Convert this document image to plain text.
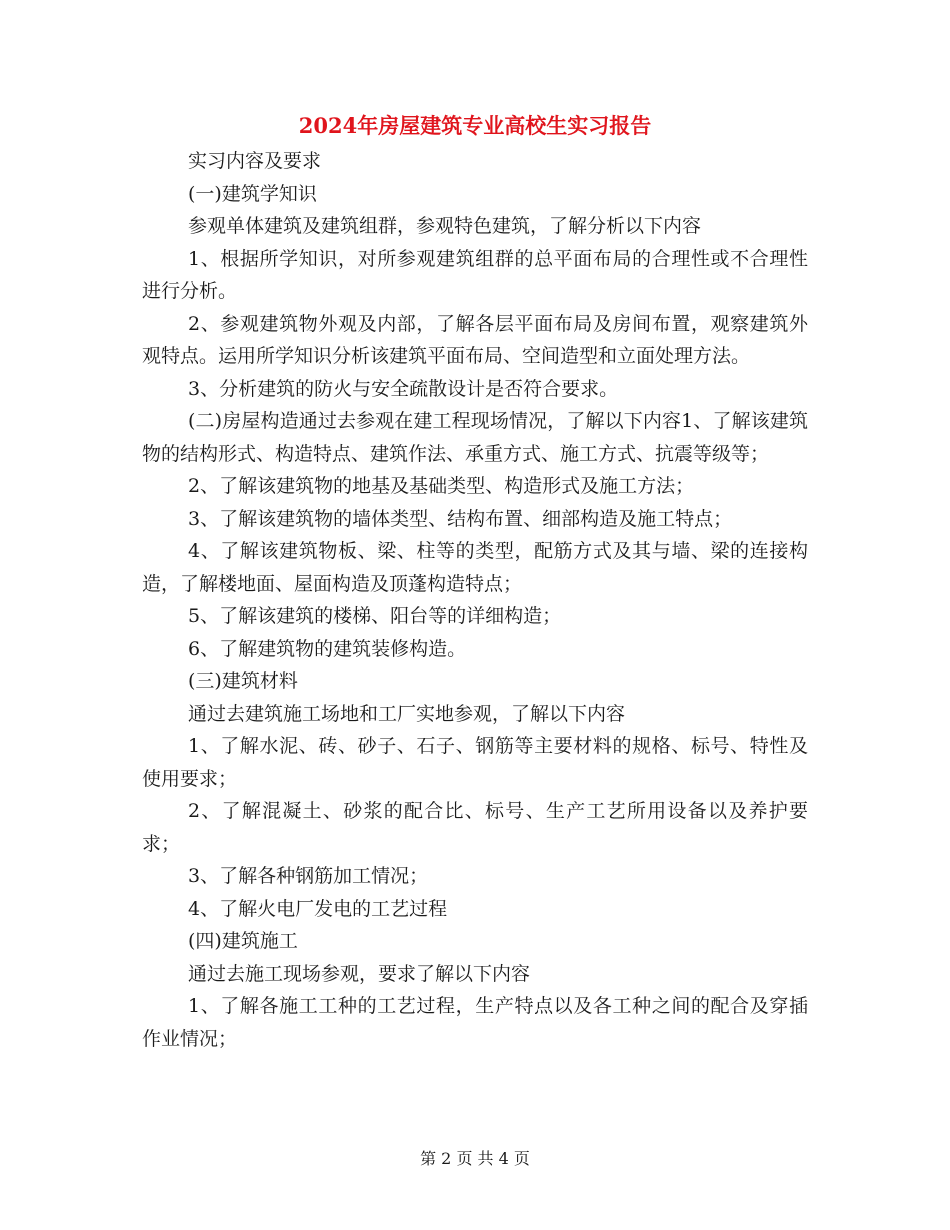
2024年房屋建筑专业高校生实习报告

实习内容及要求

(一)建筑学知识

参观单体建筑及建筑组群，参观特色建筑，了解分析以下内容

1、根据所学知识，对所参观建筑组群的总平面布局的合理性或不合理性进行分析。

2、参观建筑物外观及内部，了解各层平面布局及房间布置，观察建筑外观特点。运用所学知识分析该建筑平面布局、空间造型和立面处理方法。

3、分析建筑的防火与安全疏散设计是否符合要求。

(二)房屋构造通过去参观在建工程现场情况，了解以下内容1、了解该建筑物的结构形式、构造特点、建筑作法、承重方式、施工方式、抗震等级等；

2、了解该建筑物的地基及基础类型、构造形式及施工方法；

3、了解该建筑物的墙体类型、结构布置、细部构造及施工特点；

4、了解该建筑物板、梁、柱等的类型，配筋方式及其与墙、梁的连接构造，了解楼地面、屋面构造及顶蓬构造特点；

5、了解该建筑的楼梯、阳台等的详细构造；

6、了解建筑物的建筑装修构造。

(三)建筑材料

通过去建筑施工场地和工厂实地参观，了解以下内容

1、了解水泥、砖、砂子、石子、钢筋等主要材料的规格、标号、特性及使用要求；

2、了解混凝土、砂浆的配合比、标号、生产工艺所用设备以及养护要求；

3、了解各种钢筋加工情况；

4、了解火电厂发电的工艺过程

(四)建筑施工

通过去施工现场参观，要求了解以下内容

1、了解各施工工种的工艺过程，生产特点以及各工种之间的配合及穿插作业情况；

第 2 页 共 4 页
